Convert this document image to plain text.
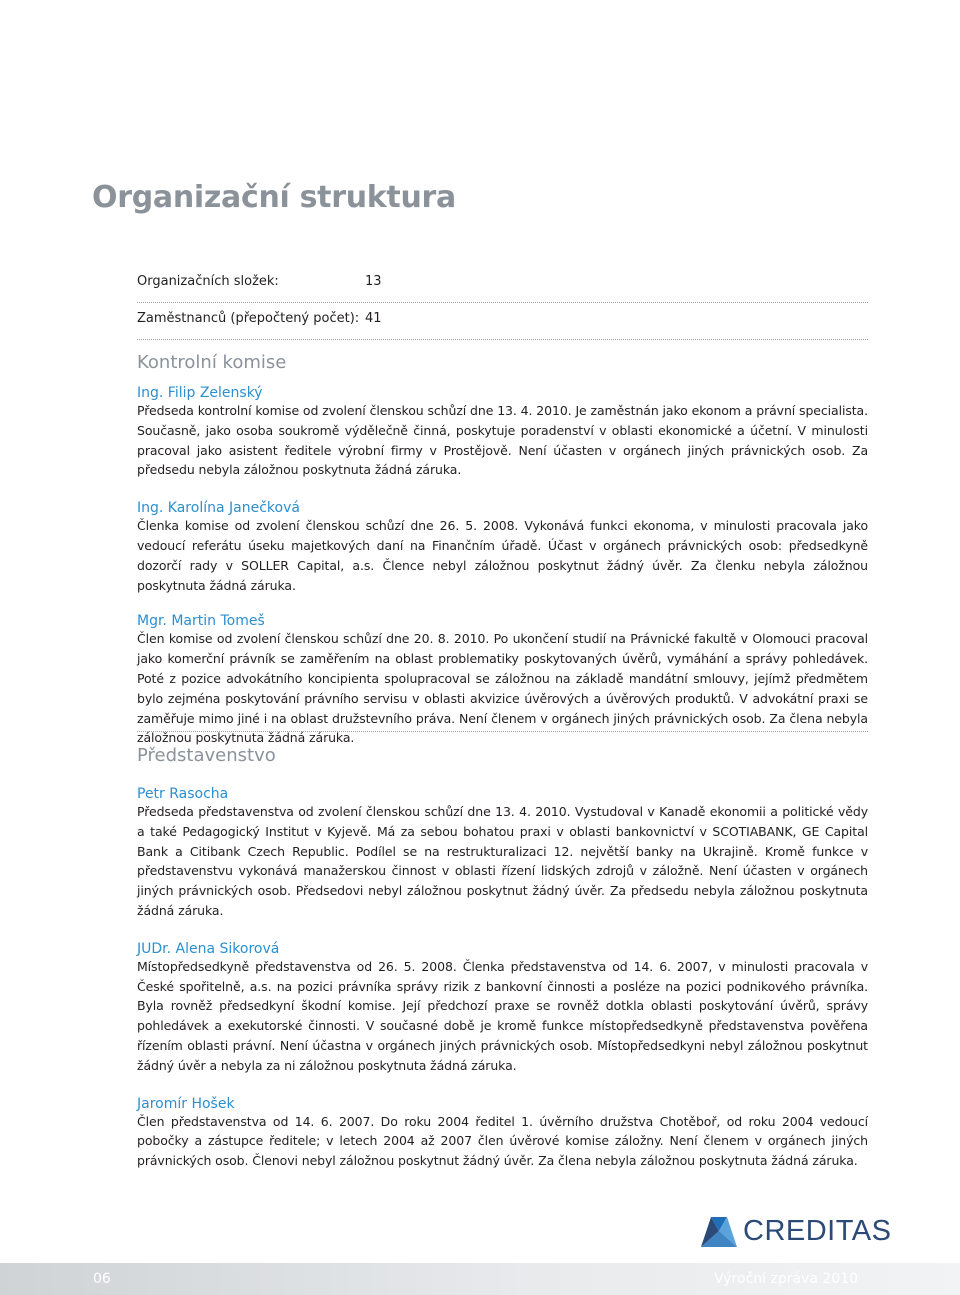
Organizační struktura
Organizačních složek:	13
Zaměstnanců (přepočtený počet): 41
Kontrolní komise
Ing. Filip Zelenský

Předseda kontrolní komise od zvolení členskou schůzí dne 13. 4. 2010. Je zaměstnán jako ekonom a právní specialista. Současně, jako osoba soukromě výdělečně činná, poskytuje poradenství v oblasti ekonomické a účetní. V minulosti pracoval jako asistent ředitele výrobní firmy v Prostějově. Není účasten v orgánech jiných právnických osob. Za předsedu nebyla záložnou poskytnuta žádná záruka.

Ing. Karolína Janečková

Členka komise od zvolení členskou schůzí dne 26. 5. 2008. Vykonává funkci ekonoma, v minulosti pracovala jako vedoucí referátu úseku majetkových daní na Finančním úřadě. Účast v orgánech právnických osob: předsedkyně dozorčí rady v SOLLER Capital, a.s. Člence nebyl záložnou poskytnut žádný úvěr. Za členku nebyla záložnou poskytnuta žádná záruka.

Mgr. Martin Tomeš

Člen komise od zvolení členskou schůzí dne 20. 8. 2010. Po ukončení studií na Právnické fakultě v Olomouci pracoval jako komerční právník se zaměřením na oblast problematiky poskytovaných úvěrů, vymáhání a správy pohledávek. Poté z pozice advokátního koncipienta spolupracoval se záložnou na základě mandátní smlouvy, jejímž předmětem bylo zejména poskytování právního servisu v oblasti akvizice úvěrových a úvěrových produktů. V advokátní praxi se zaměřuje mimo jiné i na oblast družstevního práva. Není členem v orgánech jiných právnických osob. Za člena nebyla záložnou poskytnuta žádná záruka.

Představenstvo
Petr Rasocha

Předseda představenstva od zvolení členskou schůzí dne 13. 4. 2010. Vystudoval v Kanadě ekonomii a politické vědy a také Pedagogický Institut v Kyjevě. Má za sebou bohatou praxi v oblasti bankovnictví v SCOTIABANK, GE Capital Bank a Citibank Czech Republic. Podílel se na restrukturalizaci 12. největší banky na Ukrajině. Kromě funkce v představenstvu vykonává manažerskou činnost v oblasti řízení lidských zdrojů v záložně. Není účasten v orgánech jiných právnických osob. Předsedovi nebyl záložnou poskytnut žádný úvěr. Za předsedu nebyla záložnou poskytnuta žádná záruka.

JUDr. Alena Sikorová

Místopředsedkyně představenstva od 26. 5. 2008. Členka představenstva od 14. 6. 2007, v minulosti pracovala v České spořitelně, a.s. na pozici právníka správy rizik z bankovní činnosti a posléze na pozici podnikového právníka. Byla rovněž předsedkyní škodní komise. Její předchozí praxe se rovněž dotkla oblasti poskytování úvěrů, správy pohledávek a exekutorské činnosti. V současné době je kromě funkce místopředsedkyně představenstva pověřena řízením oblasti právní. Není účastna v orgánech jiných právnických osob. Místopředsedkyni nebyl záložnou poskytnut žádný úvěr a nebyla za ni záložnou poskytnuta žádná záruka.

Jaromír Hošek

Člen představenstva od 14. 6. 2007. Do roku 2004 ředitel 1. úvěrního družstva Chotěboř, od roku 2004 vedoucí pobočky a zástupce ředitele; v letech 2004 až 2007 člen úvěrové komise záložny. Není členem v orgánech jiných právnických osob. Členovi nebyl záložnou poskytnut žádný úvěr. Za člena nebyla záložnou poskytnuta žádná záruka.

CREDITAS
06	Výroční zpráva 2010
